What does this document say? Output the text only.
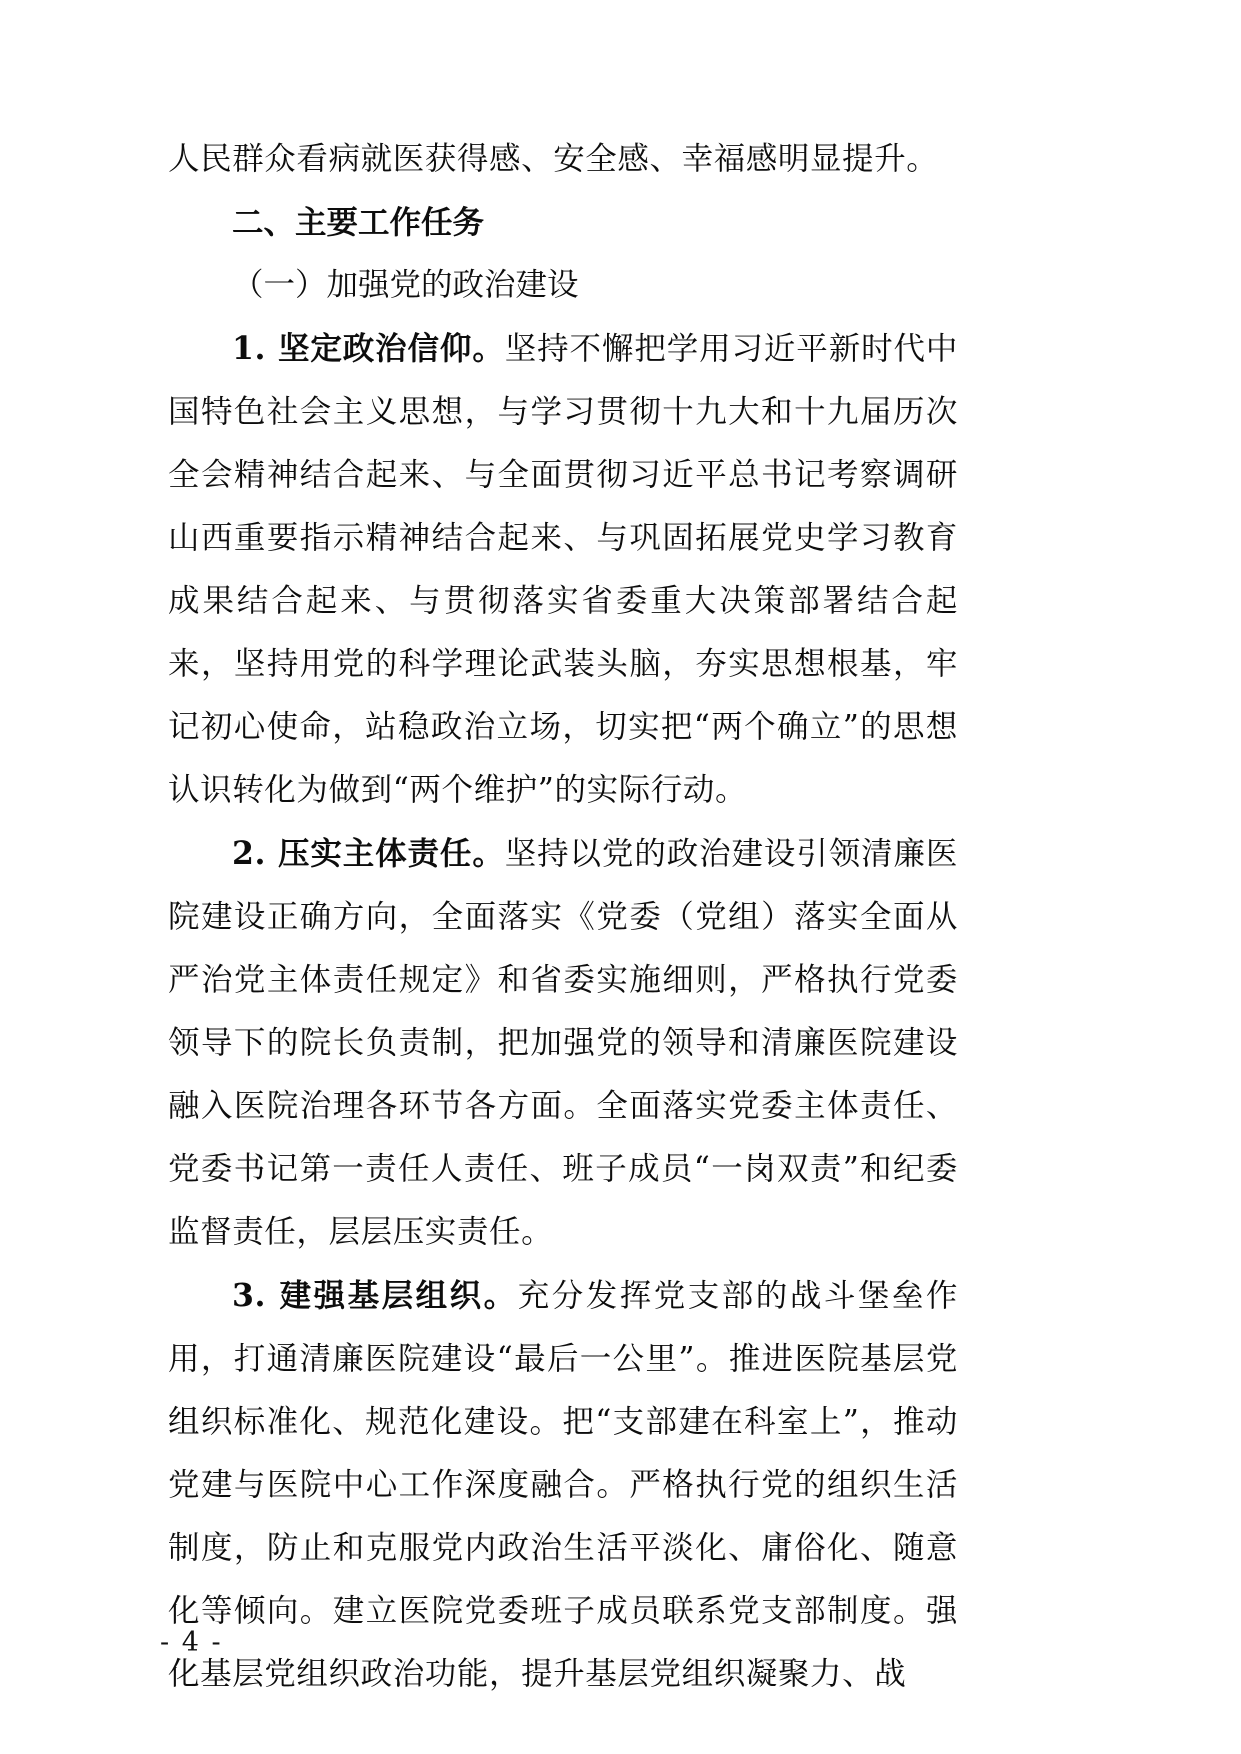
人民群众看病就医获得感、安全感、幸福感明显提升。

二、主要工作任务

（一）加强党的政治建设

1. 坚定政治信仰。坚持不懈把学用习近平新时代中国特色社会主义思想，与学习贯彻十九大和十九届历次全会精神结合起来、与全面贯彻习近平总书记考察调研山西重要指示精神结合起来、与巩固拓展党史学习教育成果结合起来、与贯彻落实省委重大决策部署结合起来，坚持用党的科学理论武装头脑，夯实思想根基，牢记初心使命，站稳政治立场，切实把“两个确立”的思想认识转化为做到“两个维护”的实际行动。

2. 压实主体责任。坚持以党的政治建设引领清廉医院建设正确方向，全面落实《党委（党组）落实全面从严治党主体责任规定》和省委实施细则，严格执行党委领导下的院长负责制，把加强党的领导和清廉医院建设融入医院治理各环节各方面。全面落实党委主体责任、党委书记第一责任人责任、班子成员“一岗双责”和纪委监督责任，层层压实责任。

3. 建强基层组织。充分发挥党支部的战斗堡垒作用，打通清廉医院建设“最后一公里”。推进医院基层党组织标准化、规范化建设。把“支部建在科室上”，推动党建与医院中心工作深度融合。严格执行党的组织生活制度，防止和克服党内政治生活平淡化、庸俗化、随意化等倾向。建立医院党委班子成员联系党支部制度。强化基层党组织政治功能，提升基层党组织凝聚力、战

- 4 -
